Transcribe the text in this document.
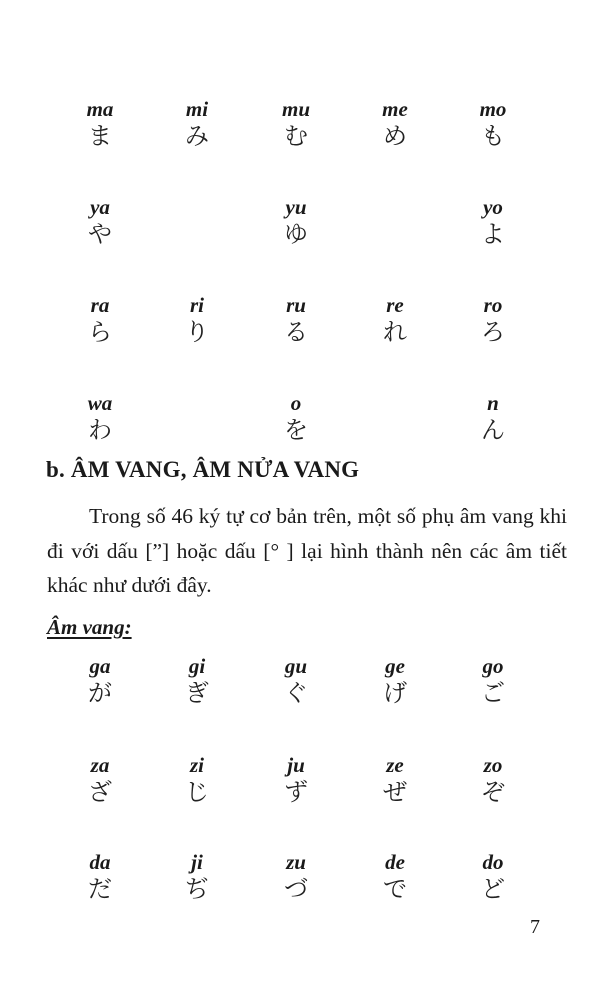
ma
ま
mi
み
mu
む
me
め
mo
も
ya
や
yu
ゆ
yo
よ
ra
ら
ri
り
ru
る
re
れ
ro
ろ
wa
わ
o
を
n
ん
b. ÂM VANG, ÂM NỬA VANG
Trong số 46 ký tự cơ bản trên, một số phụ âm vang khi đi với dấu [”] hoặc dấu [° ] lại hình thành nên các âm tiết khác như dưới đây.
Âm vang:
ga
が
gi
ぎ
gu
ぐ
ge
げ
go
ご
za
ざ
zi
じ
ju
ず
ze
ぜ
zo
ぞ
da
だ
ji
ぢ
zu
づ
de
で
do
ど
7
